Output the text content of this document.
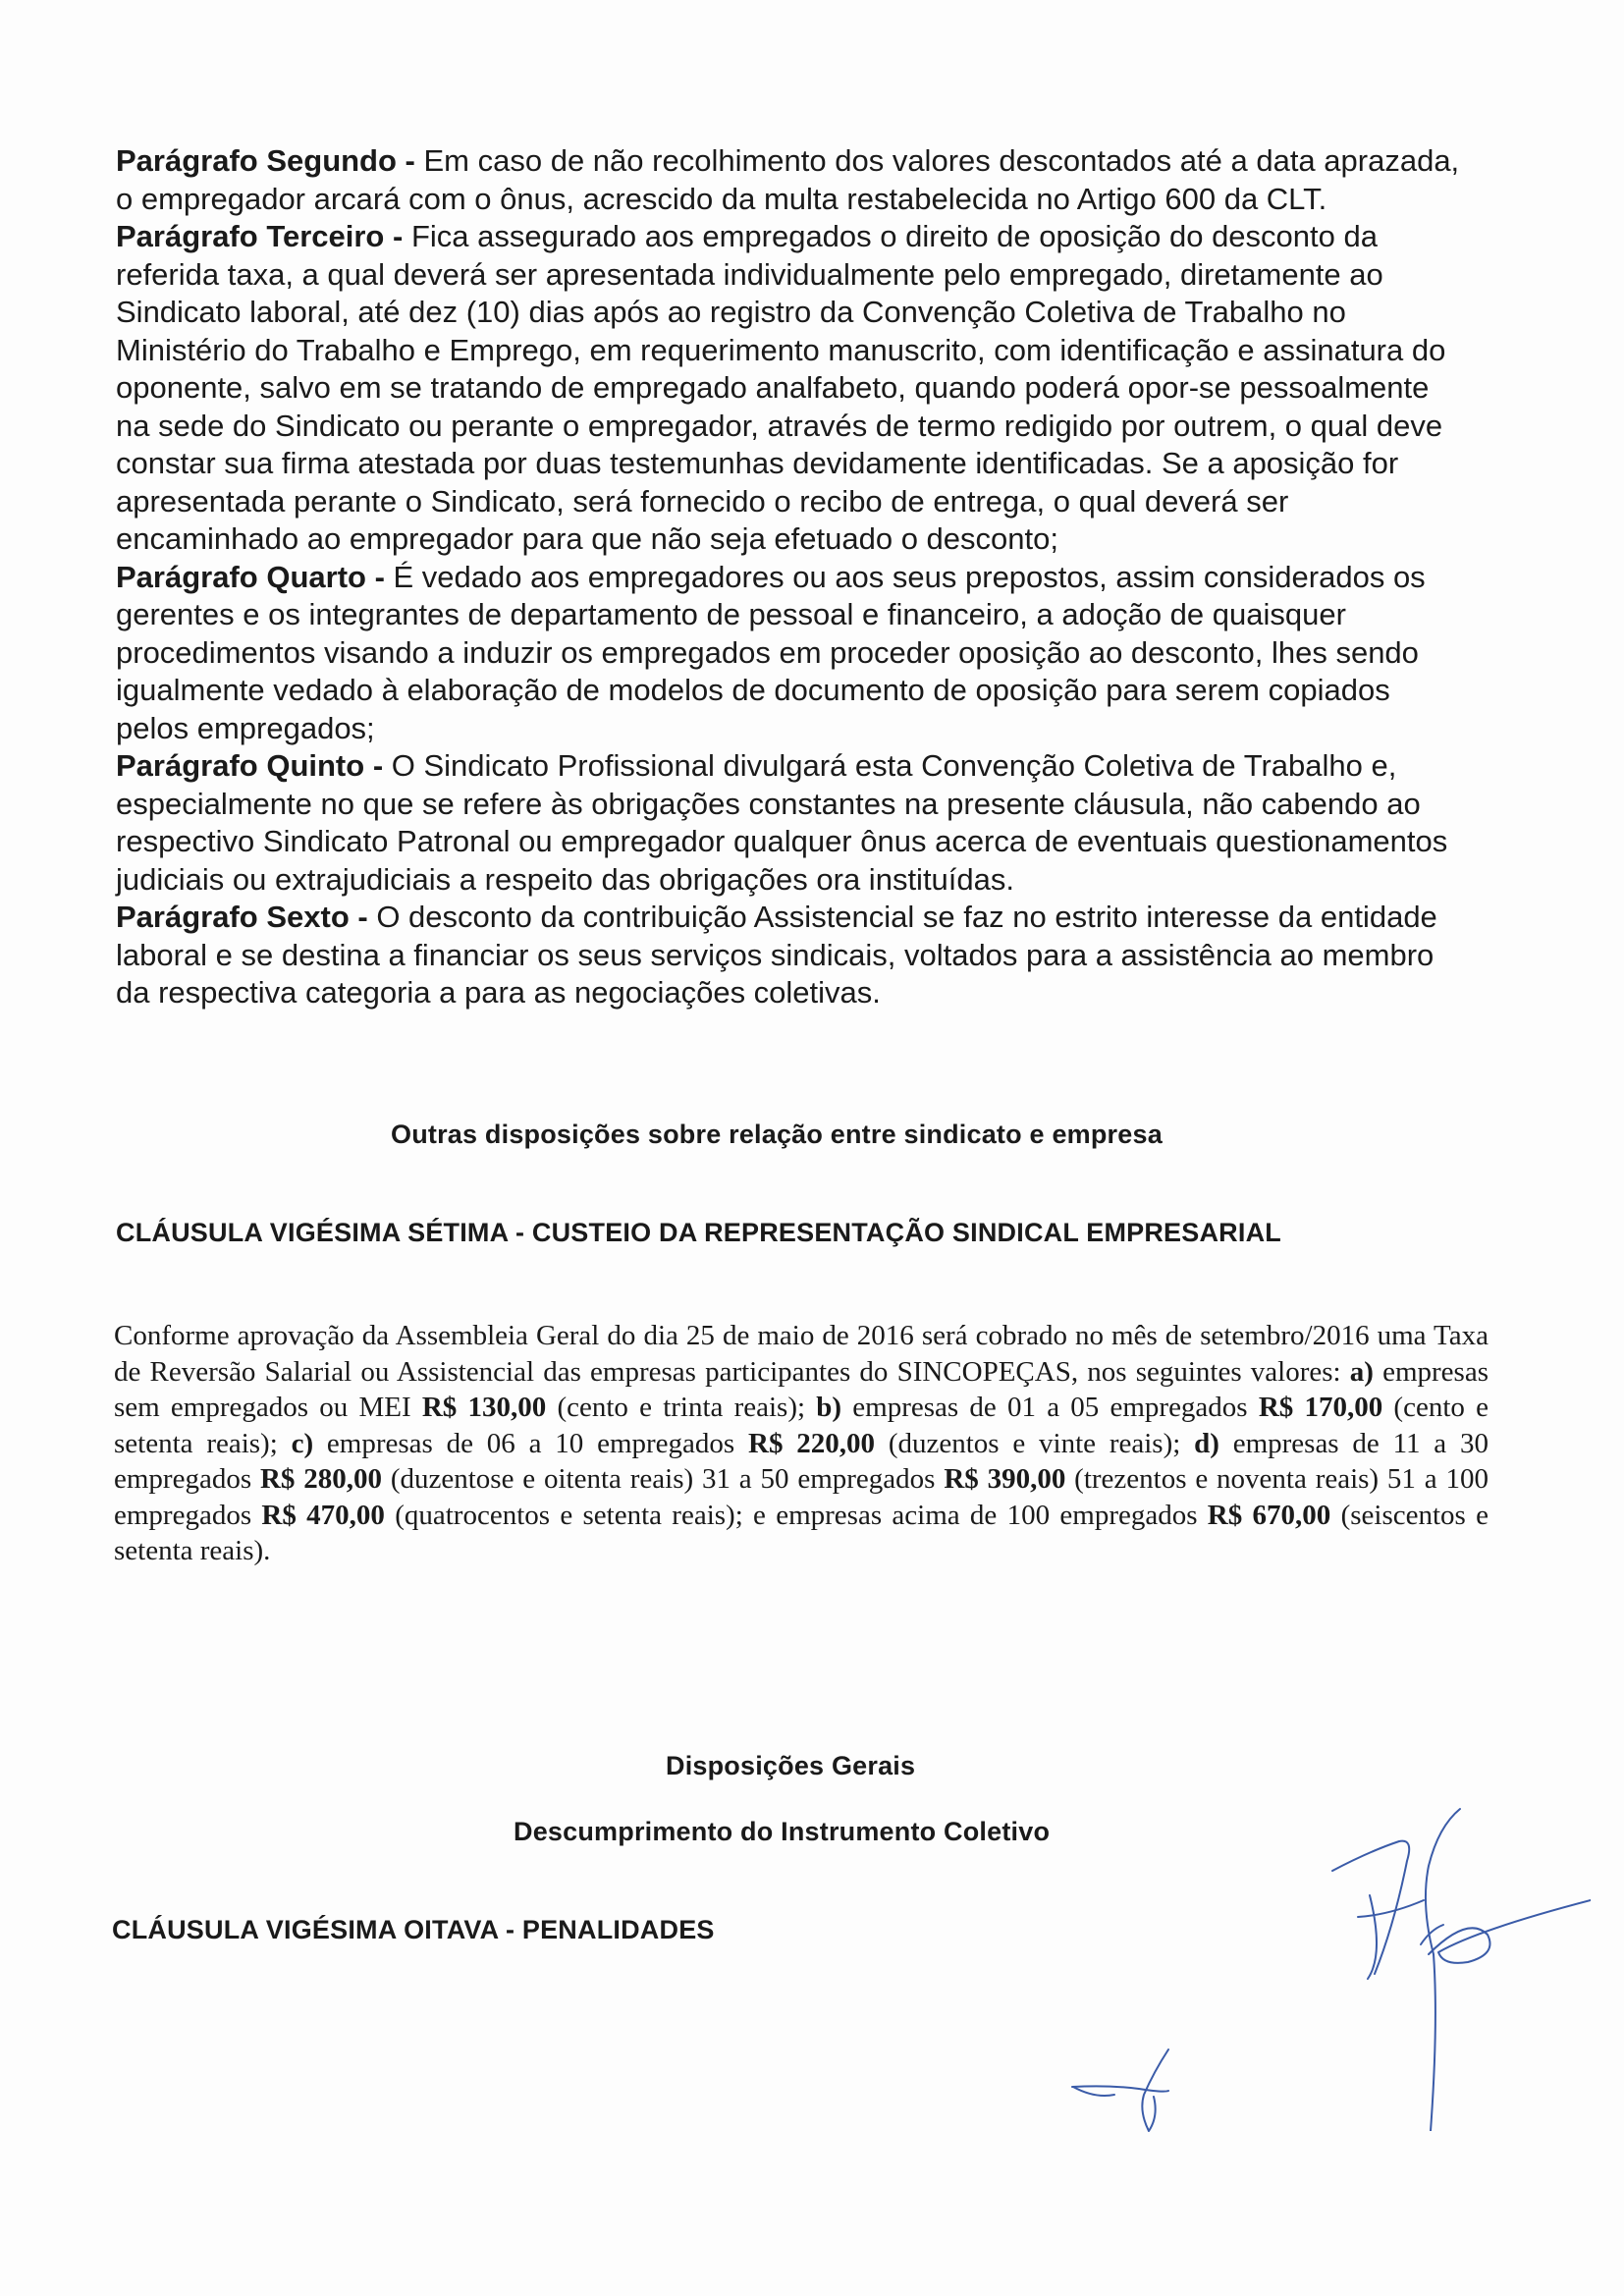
Parágrafo Segundo - Em caso de não recolhimento dos valores descontados até a data aprazada, o empregador arcará com o ônus, acrescido da multa restabelecida no Artigo 600 da CLT.

Parágrafo Terceiro - Fica assegurado aos empregados o direito de oposição do desconto da referida taxa, a qual deverá ser apresentada individualmente pelo empregado, diretamente ao Sindicato laboral, até dez (10) dias após ao registro da Convenção Coletiva de Trabalho no Ministério do Trabalho e Emprego, em requerimento manuscrito, com identificação e assinatura do oponente, salvo em se tratando de empregado analfabeto, quando poderá opor-se pessoalmente na sede do Sindicato ou perante o empregador, através de termo redigido por outrem, o qual deve constar sua firma atestada por duas testemunhas devidamente identificadas. Se a aposição for apresentada perante o Sindicato, será fornecido o recibo de entrega, o qual deverá ser encaminhado ao empregador para que não seja efetuado o desconto;

Parágrafo Quarto - É vedado aos empregadores ou aos seus prepostos, assim considerados os gerentes e os integrantes de departamento de pessoal e financeiro, a adoção de quaisquer procedimentos visando a induzir os empregados em proceder oposição ao desconto, lhes sendo igualmente vedado à elaboração de modelos de documento de oposição para serem copiados pelos empregados;

Parágrafo Quinto - O Sindicato Profissional divulgará esta Convenção Coletiva de Trabalho e, especialmente no que se refere às obrigações constantes na presente cláusula, não cabendo ao respectivo Sindicato Patronal ou empregador qualquer ônus acerca de eventuais questionamentos judiciais ou extrajudiciais a respeito das obrigações ora instituídas.

Parágrafo Sexto - O desconto da contribuição Assistencial se faz no estrito interesse da entidade laboral e se destina a financiar os seus serviços sindicais, voltados para a assistência ao membro da respectiva categoria a para as negociações coletivas.

Outras disposições sobre relação entre sindicato e empresa
CLÁUSULA VIGÉSIMA SÉTIMA - CUSTEIO DA REPRESENTAÇÃO SINDICAL EMPRESARIAL
Conforme aprovação da Assembleia Geral do dia 25 de maio de 2016 será cobrado no mês de setembro/2016 uma Taxa de Reversão Salarial ou Assistencial das empresas participantes do SINCOPEÇAS, nos seguintes valores: a) empresas sem empregados ou MEI R$ 130,00 (cento e trinta reais); b) empresas de 01 a 05 empregados R$ 170,00 (cento e setenta reais); c) empresas de 06 a 10 empregados R$ 220,00 (duzentos e vinte reais); d) empresas de 11 a 30 empregados R$ 280,00 (duzentose e oitenta reais) 31 a 50 empregados R$ 390,00 (trezentos e noventa reais) 51 a 100 empregados R$ 470,00 (quatrocentos e setenta reais); e empresas acima de 100 empregados R$ 670,00 (seiscentos e setenta reais).
Disposições Gerais
Descumprimento do Instrumento Coletivo
CLÁUSULA VIGÉSIMA OITAVA - PENALIDADES
